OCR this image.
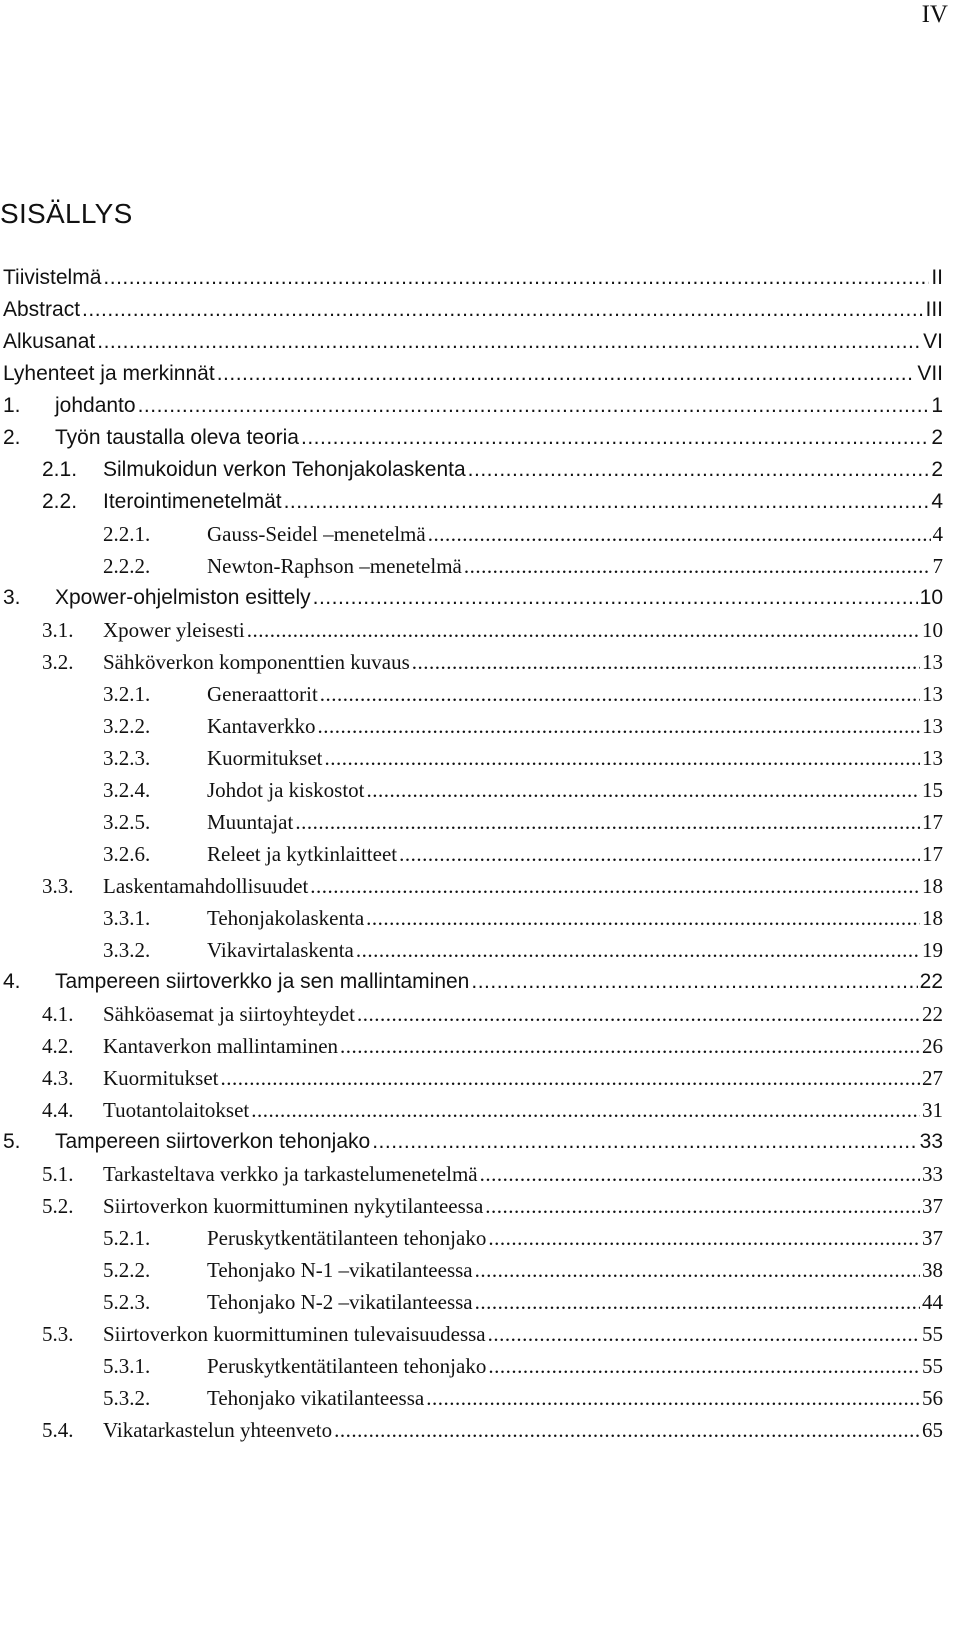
IV
SISÄLLYS
Tiivistelmä .....	II
Abstract .....	III
Alkusanat .....	VI
Lyhenteet ja merkinnät .....	VII
1.	johdanto .....	1
2.	Työn taustalla oleva teoria .....	2
2.1.	Silmukoidun verkon Tehonjakolaskenta .....	2
2.2.	Iterointimenetelmät .....	4
2.2.1.	Gauss-Seidel –menetelmä .....	4
2.2.2.	Newton-Raphson –menetelmä .....	7
3.	Xpower-ohjelmiston esittely .....	10
3.1.	Xpower yleisesti .....	10
3.2.	Sähköverkon komponenttien kuvaus .....	13
3.2.1.	Generaattorit .....	13
3.2.2.	Kantaverkko .....	13
3.2.3.	Kuormitukset .....	13
3.2.4.	Johdot ja kiskostot .....	15
3.2.5.	Muuntajat .....	17
3.2.6.	Releet ja kytkinlaitteet .....	17
3.3.	Laskentamahdollisuudet .....	18
3.3.1.	Tehonjakolaskenta .....	18
3.3.2.	Vikavirtalaskenta .....	19
4.	Tampereen siirtoverkko ja sen mallintaminen .....	22
4.1.	Sähköasemat ja siirtoyhteydet .....	22
4.2.	Kantaverkon mallintaminen .....	26
4.3.	Kuormitukset .....	27
4.4.	Tuotantolaitokset .....	31
5.	Tampereen siirtoverkon tehonjako .....	33
5.1.	Tarkasteltava verkko ja tarkastelumenetelmä .....	33
5.2.	Siirtoverkon kuormittuminen nykytilanteessa .....	37
5.2.1.	Peruskytkentätilanteen tehonjako .....	37
5.2.2.	Tehonjako N-1 –vikatilanteessa .....	38
5.2.3.	Tehonjako N-2 –vikatilanteessa .....	44
5.3.	Siirtoverkon kuormittuminen tulevaisuudessa .....	55
5.3.1.	Peruskytkentätilanteen tehonjako .....	55
5.3.2.	Tehonjako vikatilanteessa .....	56
5.4.	Vikatarkastelun yhteenveto .....	65
